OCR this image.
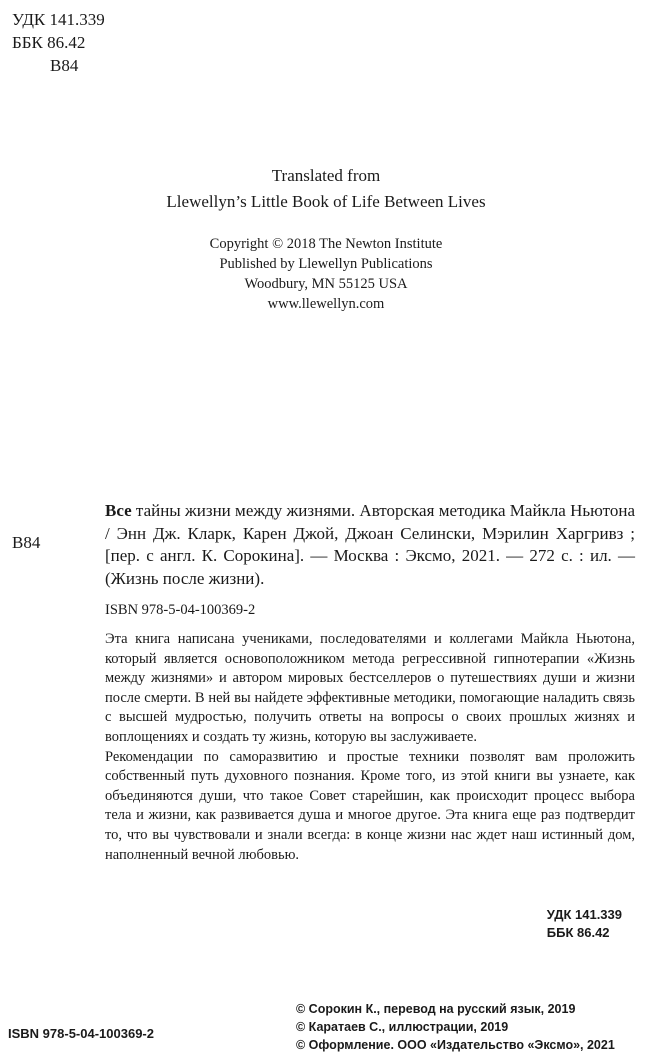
УДК 141.339
ББК 86.42
В84
Translated from
Llewellyn’s Little Book of Life Between Lives
Copyright © 2018 The Newton Institute
Published by Llewellyn Publications
Woodbury, MN 55125 USA
www.llewellyn.com
В84
Все тайны жизни между жизнями. Авторская методика Майкла Ньютона / Энн Дж. Кларк, Карен Джой, Джоан Селински, Мэрилин Харгривз ; [пер. с англ. К. Сорокина]. — Москва : Эксмо, 2021. — 272 с. : ил. — (Жизнь после жизни).
ISBN 978-5-04-100369-2

Эта книга написана учениками, последователями и коллегами Майкла Ньютона, который является основоположником метода регрессивной гипнотерапии «Жизнь между жизнями» и автором мировых бестселлеров о путешествиях души и жизни после смерти. В ней вы найдете эффективные методики, помогающие наладить связь с высшей мудростью, получить ответы на вопросы о своих прошлых жизнях и воплощениях и создать ту жизнь, которую вы заслуживаете.

Рекомендации по саморазвитию и простые техники позволят вам проложить собственный путь духовного познания. Кроме того, из этой книги вы узнаете, как объединяются души, что такое Совет старейшин, как происходит процесс выбора тела и жизни, как развивается душа и многое другое. Эта книга еще раз подтвердит то, что вы чувствовали и знали всегда: в конце жизни нас ждет наш истинный дом, наполненный вечной любовью.

УДК 141.339
ББК 86.42
© Сорокин К., перевод на русский язык, 2019
© Каратаев С., иллюстрации, 2019
© Оформление. ООО «Издательство «Эксмо», 2021
ISBN 978-5-04-100369-2
